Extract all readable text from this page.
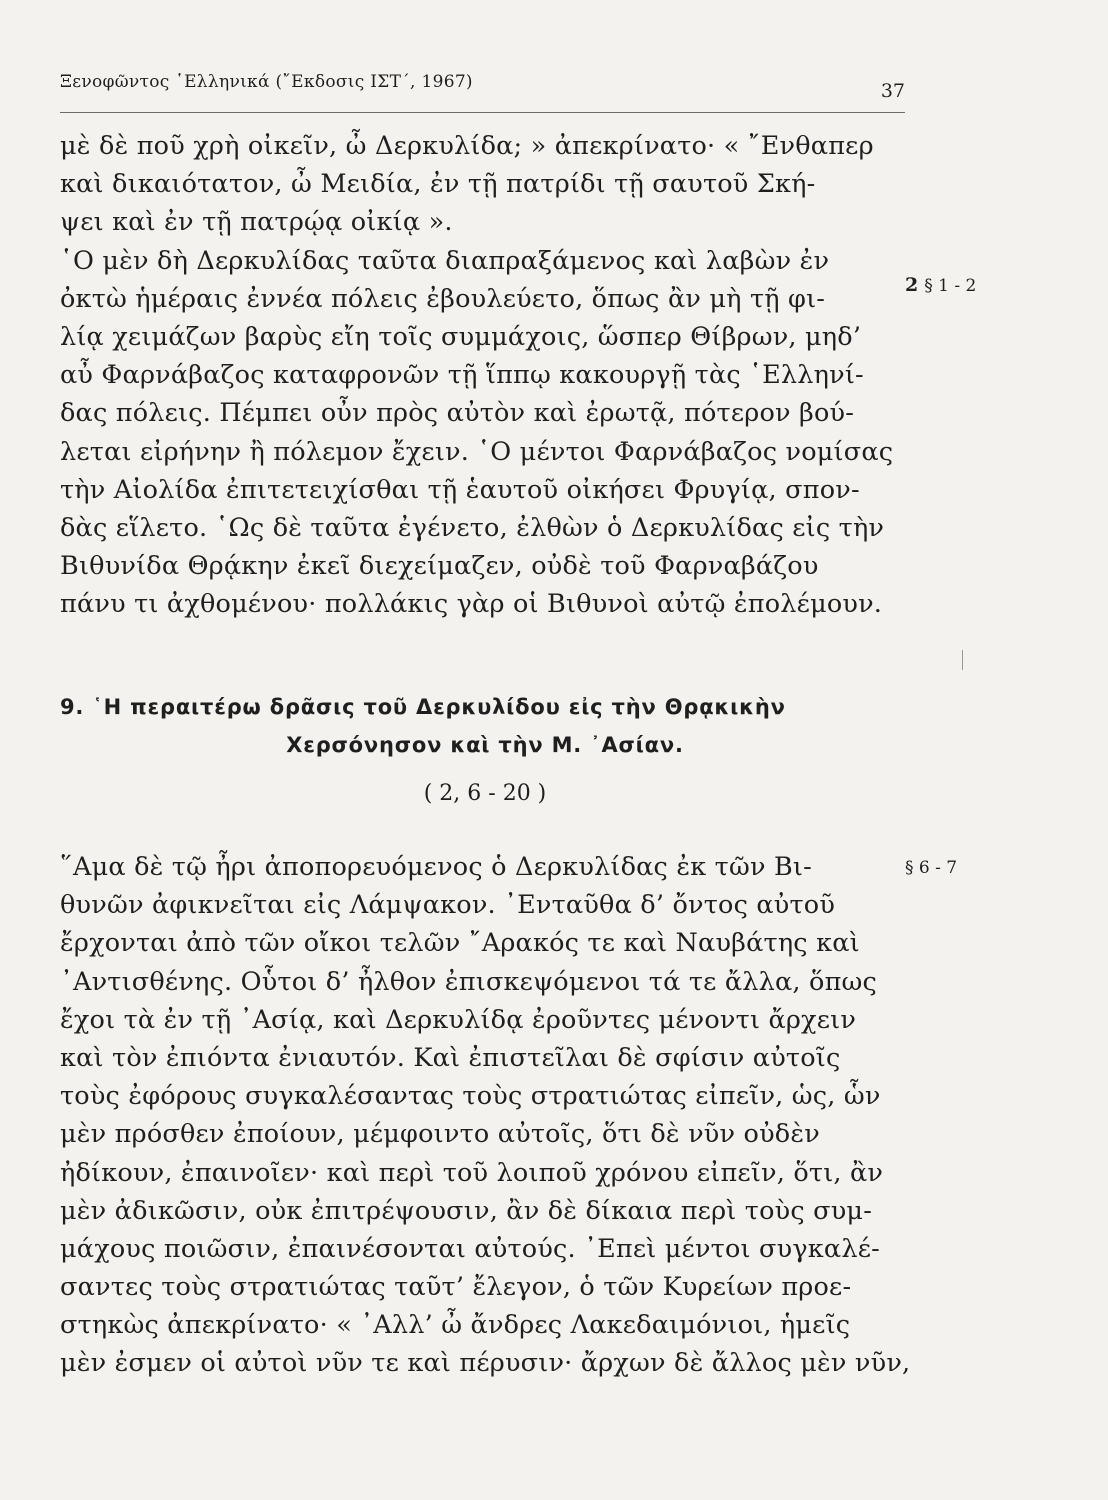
Ξενοφῶντος ῾Ελληνικά (῎Εκδοσις ΙΣΤ΄, 1967)	37
μὲ δὲ ποῦ χρὴ οἰκεῖν, ὦ Δερκυλίδα; » ἀπεκρίνατο· « ῎Ενθαπερ
καὶ δικαιότατον, ὦ Μειδία, ἐν τῇ πατρίδι τῇ σαυτοῦ Σκή-
ψει καὶ ἐν τῇ πατρῴᾳ οἰκίᾳ ».
῾Ο μὲν δὴ Δερκυλίδας ταῦτα διαπραξάμενος καὶ λαβὼν ἐν
ὀκτὼ ἡμέραις ἐννέα πόλεις ἐβουλεύετο, ὅπως ἂν μὴ τῇ φι-
λίᾳ χειμάζων βαρὺς εἴη τοῖς συμμάχοις, ὥσπερ Θίβρων, μηδ’
αὖ Φαρνάβαζος καταφρονῶν τῇ ἵππῳ κακουργῇ τὰς ῾Ελληνί-
δας πόλεις. Πέμπει οὖν πρὸς αὐτὸν καὶ ἐρωτᾷ, πότερον βού-
λεται εἰρήνην ἢ πόλεμον ἔχειν. ῾Ο μέντοι Φαρνάβαζος νομίσας
τὴν Αἰολίδα ἐπιτετειχίσθαι τῇ ἑαυτοῦ οἰκήσει Φρυγίᾳ, σπον-
δὰς εἵλετο. ῾Ως δὲ ταῦτα ἐγένετο, ἐλθὼν ὁ Δερκυλίδας εἰς τὴν
Βιθυνίδα Θρᾴκην ἐκεῖ διεχείμαζεν, οὐδὲ τοῦ Φαρναβάζου
πάνυ τι ἀχθομένου· πολλάκις γὰρ οἱ Βιθυνοὶ αὐτῷ ἐπολέμουν.
2 § 1 - 2
9. ῾Η περαιτέρω δρᾶσις τοῦ Δερκυλίδου εἰς τὴν Θρᾳκικὴν
Χερσόνησον καὶ τὴν Μ. ᾿Ασίαν.
( 2, 6 - 20 )
῞Αμα δὲ τῷ ἦρι ἀποπορευόμενος ὁ Δερκυλίδας ἐκ τῶν Βι-
θυνῶν ἀφικνεῖται εἰς Λάμψακον. ᾿Ενταῦθα δ’ ὄντος αὐτοῦ
ἔρχονται ἀπὸ τῶν οἴκοι τελῶν ῎Αρακός τε καὶ Ναυβάτης καὶ
᾿Αντισθένης. Οὗτοι δ’ ἦλθον ἐπισκεψόμενοι τά τε ἄλλα, ὅπως
ἔχοι τὰ ἐν τῇ ᾿Ασίᾳ, καὶ Δερκυλίδᾳ ἐροῦντες μένοντι ἄρχειν
καὶ τὸν ἐπιόντα ἐνιαυτόν. Καὶ ἐπιστεῖλαι δὲ σφίσιν αὐτοῖς
τοὺς ἐφόρους συγκαλέσαντας τοὺς στρατιώτας εἰπεῖν, ὡς, ὧν
μὲν πρόσθεν ἐποίουν, μέμφοιντο αὐτοῖς, ὅτι δὲ νῦν οὐδὲν
ἠδίκουν, ἐπαινοῖεν· καὶ περὶ τοῦ λοιποῦ χρόνου εἰπεῖν, ὅτι, ἂν
μὲν ἀδικῶσιν, οὐκ ἐπιτρέψουσιν, ἂν δὲ δίκαια περὶ τοὺς συμ-
μάχους ποιῶσιν, ἐπαινέσονται αὐτούς. ᾿Επεὶ μέντοι συγκαλέ-
σαντες τοὺς στρατιώτας ταῦτ’ ἔλεγον, ὁ τῶν Κυρείων προε-
στηκὼς ἀπεκρίνατο· « ᾿Αλλ’ ὦ ἄνδρες Λακεδαιμόνιοι, ἡμεῖς
μὲν ἐσμεν οἱ αὐτοὶ νῦν τε καὶ πέρυσιν· ἄρχων δὲ ἄλλος μὲν νῦν,
§ 6 - 7
